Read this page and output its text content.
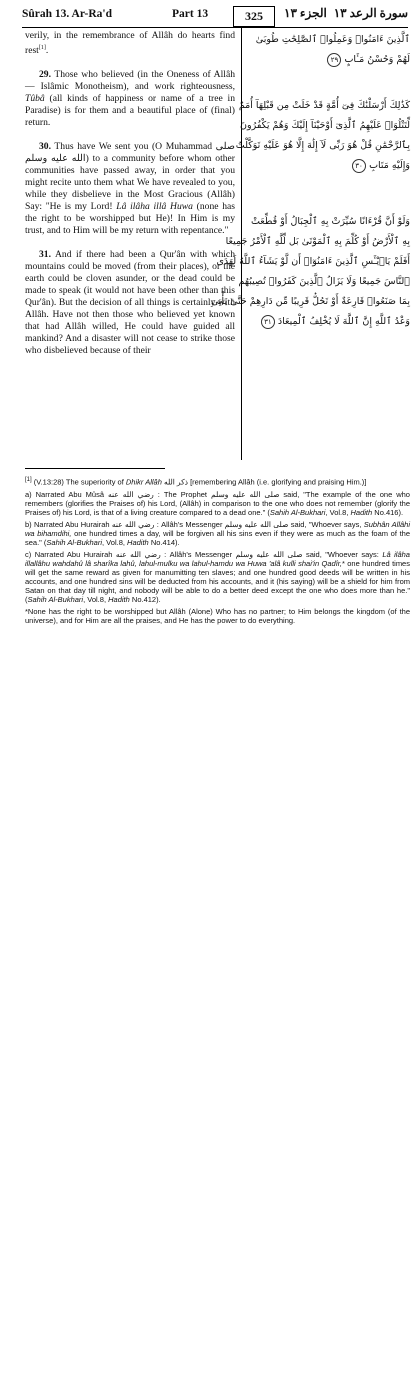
Sûrah 13. Ar-Ra'd	Part 13	325	الجزء ۱۳ سورة الرعد ۱۳

verily, in the remembrance of Allâh do hearts find rest[1].

29. Those who believed (in the Oneness of Allâh — Islâmic Monotheism), and work righteousness, Tûbâ (all kinds of happiness or name of a tree in Paradise) is for them and a beautiful place of (final) return.

30. Thus have We sent you (O Muhammad صلى الله عليه وسلم) to a community before whom other communities have passed away, in order that you might recite unto them what We have revealed to you, while they disbelieve in the Most Gracious (Allâh) Say: "He is my Lord! Lâ ilâha illâ Huwa (none has the right to be worshipped but He)! In Him is my trust, and to Him will be my return with repentance."

31. And if there had been a Qur'ân with which mountains could be moved (from their places), or the earth could be cloven asunder, or the dead could be made to speak (it would not have been other than this Qur'ân). But the decision of all things is certainly with Allâh. Have not then those who believed yet known that had Allâh willed, He could have guided all mankind? And a disaster will not cease to strike those who disbelieved because of their

ٱلَّذِينَ ءَامَنُوا۟ وَعَمِلُوا۟ ٱلصَّٰلِحَٰتِ طُوبَىٰ
لَهُمْ وَحُسْنُ مَـَٔابٍ ٢٩
كَذَٰلِكَ أَرْسَلْنَٰكَ فِىٓ أُمَّةٍ قَدْ خَلَتْ مِن قَبْلِهَآ أُمَمٌ
لِّتَتْلُوَا۟ عَلَيْهِمُ ٱلَّذِىٓ أَوْحَيْنَآ إِلَيْكَ وَهُمْ يَكْفُرُونَ
بِٱلرَّحْمَٰنِ قُلْ هُوَ رَبِّى لَآ إِلَٰهَ إِلَّا هُوَ عَلَيْهِ تَوَكَّلْتُ
وَإِلَيْهِ مَتَابِ ٣٠
وَلَوْ أَنَّ قُرْءَانًا سُيِّرَتْ بِهِ ٱلْجِبَالُ أَوْ قُطِّعَتْ
بِهِ ٱلْأَرْضُ أَوْ كُلِّمَ بِهِ ٱلْمَوْتَىٰ بَل لِّلَّهِ ٱلْأَمْرُ جَمِيعًا
أَفَلَمْ يَا۟يْـَٔسِ ٱلَّذِينَ ءَامَنُوٓا۟ أَن لَّوْ يَشَآءُ ٱللَّهُ لَهَدَى
ٱلنَّاسَ جَمِيعًا وَلَا يَزَالُ ٱلَّذِينَ كَفَرُوا۟ تُصِيبُهُم
بِمَا صَنَعُوا۟ قَارِعَةٌ أَوْ تَحُلُّ قَرِيبًا مِّن دَارِهِمْ حَتَّىٰ يَأْتِىَ
وَعْدُ ٱللَّهِ إِنَّ ٱللَّهَ لَا يُخْلِفُ ٱلْمِيعَادَ ٣١

[1] (V.13:28) The superiority of Dhikr Allâh ذكر الله [remembering Allâh (i.e. glorifying and praising Him.)]

a) Narrated Abu Mûsâ رضي الله عنه : The Prophet صلى الله عليه وسلم said, "The example of the one who remembers (glorifies the Praises of) his Lord, (Allâh) in comparison to the one who does not remember (glorify the Praises of) his Lord, is that of a living creature compared to a dead one." (Sahih Al-Bukhari, Vol.8, Hadith No.416).

b) Narrated Abu Hurairah رضي الله عنه : Allâh's Messenger صلى الله عليه وسلم said, "Whoever says, Subhân Allâhi wa bihamdihi, one hundred times a day, will be forgiven all his sins even if they were as much as the foam of the sea." (Sahih Al-Bukhari, Vol.8, Hadith No.414).

c) Narrated Abu Hurairah رضي الله عنه : Allâh's Messenger صلى الله عليه وسلم said, "Whoever says: Lâ ilâha illallâhu wahdahû lâ sharîka lahû, lahul-mulku wa lahul-hamdu wa Huwa 'alâ kulli shai'in Qadîr,* one hundred times will get the same reward as given for manumitting ten slaves; and one hundred good deeds will be written in his accounts, and one hundred sins will be deducted from his accounts, and it (his saying) will be a shield for him from Satan on that day till night, and nobody will be able to do a better deed except the one who does more than he." (Sahih Al-Bukhari, Vol.8, Hadith No.412).

*None has the right to be worshipped but Allâh (Alone) Who has no partner; to Him belongs the kingdom (of the universe), and for Him are all the praises, and He has the power to do everything.
